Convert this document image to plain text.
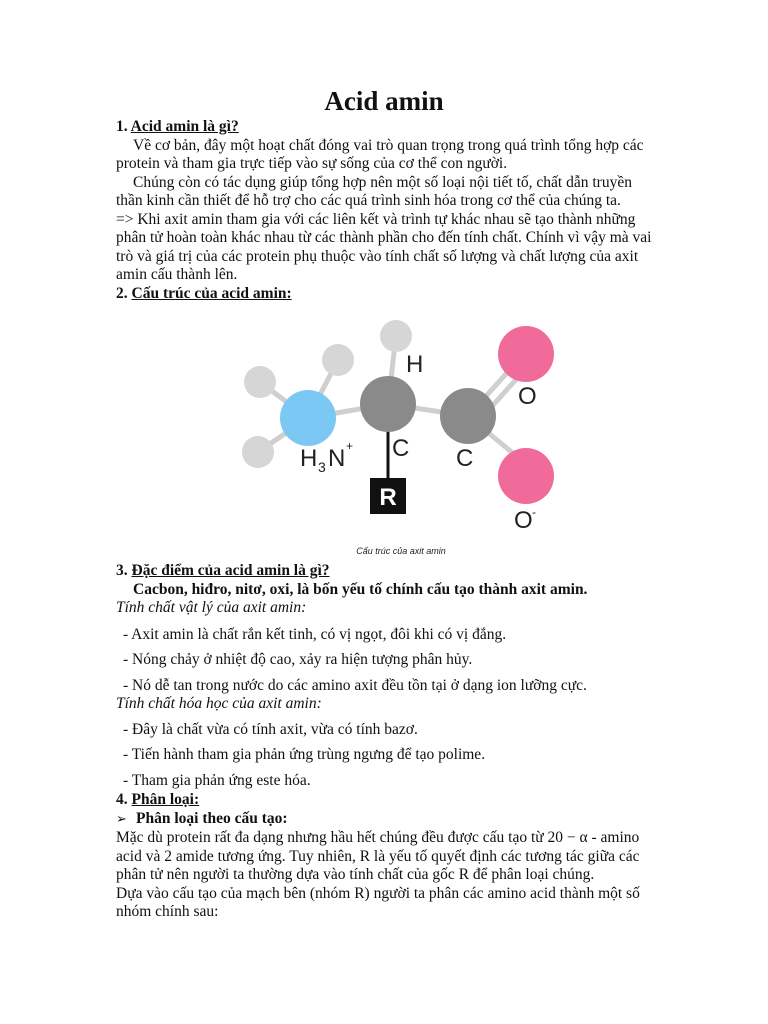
Acid amin
1. Acid amin là gì?

Về cơ bản, đây một hoạt chất đóng vai trò quan trọng trong quá trình tổng hợp các protein và tham gia trực tiếp vào sự sống của cơ thể con người.

Chúng còn có tác dụng giúp tổng hợp nên một số loại nội tiết tố, chất dẫn truyền thần kinh cần thiết để hỗ trợ cho các quá trình sinh hóa trong cơ thể của chúng ta.

=> Khi axit amin tham gia với các liên kết và trình tự khác nhau sẽ tạo thành những phân tử hoàn toàn khác nhau từ các thành phần cho đến tính chất. Chính vì vậy mà vai trò và giá trị của các protein phụ thuộc vào tính chất số lượng và chất lượng của axit amin cấu thành lên.

2. Cấu trúc của acid amin:
R
H
C C
O
O -
H 3 N +
Cấu trúc của axit amin
3. Đặc điểm của acid amin là gì?

Cacbon, hiđro, nitơ, oxi, là bốn yếu tố chính cấu tạo thành axit amin.

Tính chất vật lý của axit amin:

- Axit amin là chất rắn kết tinh, có vị ngọt, đôi khi có vị đắng.

- Nóng chảy ở nhiệt độ cao, xảy ra hiện tượng phân hủy.

- Nó dễ tan trong nước do các amino axit đều tồn tại ở dạng ion lưỡng cực.

Tính chất hóa học của axit amin:

- Đây là chất vừa có tính axit, vừa có tính bazơ.

- Tiến hành tham gia phản ứng trùng ngưng để tạo polime.

- Tham gia phản ứng este hóa.

4. Phân loại:
➢ Phân loại theo cấu tạo:

Mặc dù protein rất đa dạng nhưng hầu hết chúng đều được cấu tạo từ 20 − α - amino acid và 2 amide tương ứng. Tuy nhiên, R là yếu tố quyết định các tương tác giữa các phân tử nên người ta thường dựa vào tính chất của gốc R để phân loại chúng.

Dựa vào cấu tạo của mạch bên (nhóm R) người ta phân các amino acid thành một số nhóm chính sau:
